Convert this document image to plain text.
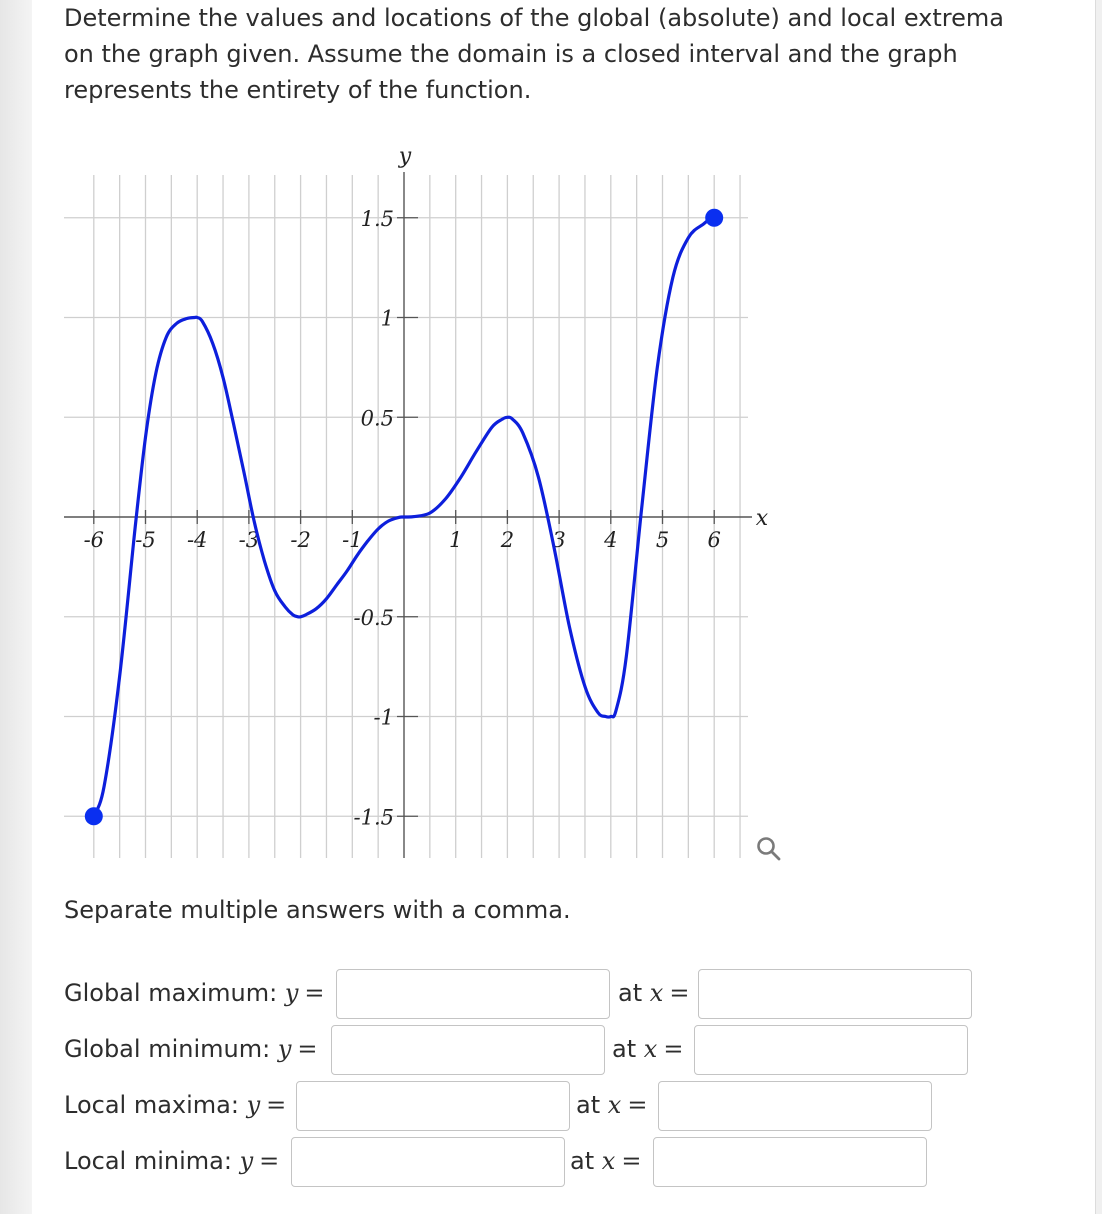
Determine the values and locations of the global (absolute) and local extrema on the graph given. Assume the domain is a closed interval and the graph represents the entirety of the function.

-6 -5 -4 -3 -2 -1	1 2 3 4 5 6
1.5
1
0.5
-0.5
-1
-1.5
x
y

Separate multiple answers with a comma.

Global maximum: y =	at x =
Global minimum: y =	at x =
Local maxima: y =	at x =
Local minima: y =	at x =
